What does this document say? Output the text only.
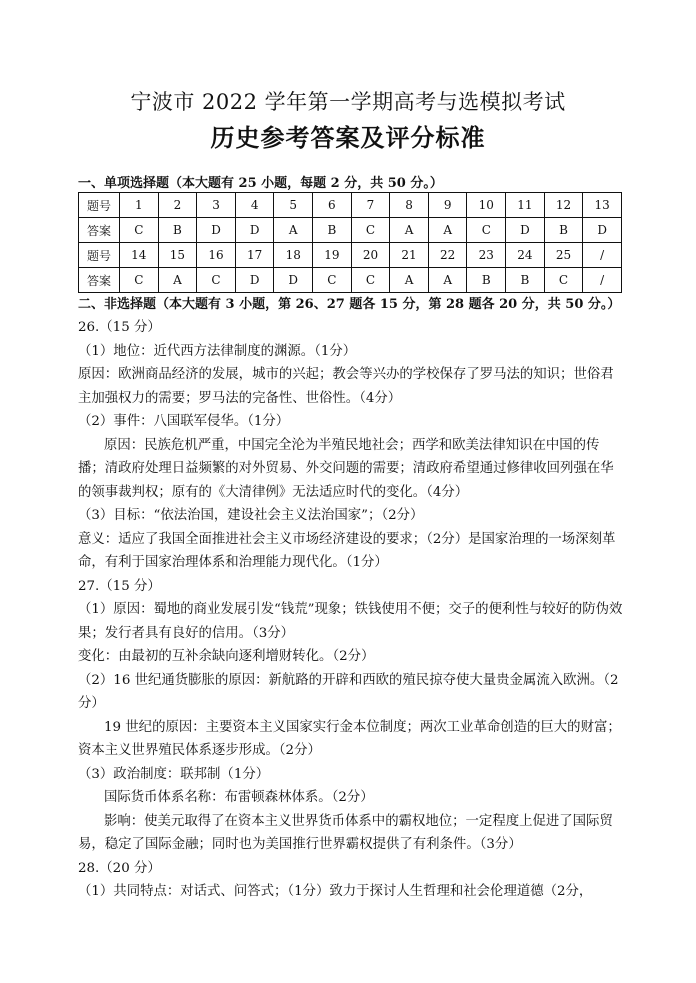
宁波市 2022 学年第一学期高考与选模拟考试
历史参考答案及评分标准
一、单项选择题（本大题有 25 小题，每题 2 分，共 50 分。）
题号	1	2	3	4	5	6	7	8	9	10	11	12	13
答案	C	B	D	D	A	B	C	A	A	C	D	B	D
题号	14	15	16	17	18	19	20	21	22	23	24	25	/
答案	C	A	C	D	D	C	C	A	A	B	B	C	/
二、非选择题（本大题有 3 小题，第 26、27 题各 15 分，第 28 题各 20 分，共 50 分。）

26.（15 分）

（1）地位：近代西方法律制度的渊源。（1分）

原因：欧洲商品经济的发展，城市的兴起；教会等兴办的学校保存了罗马法的知识；世俗君主加强权力的需要；罗马法的完备性、世俗性。（4分）

（2）事件：八国联军侵华。（1分）

原因：民族危机严重，中国完全沦为半殖民地社会；西学和欧美法律知识在中国的传播；清政府处理日益频繁的对外贸易、外交问题的需要；清政府希望通过修律收回列强在华的领事裁判权；原有的《大清律例》无法适应时代的变化。（4分）

（3）目标：“依法治国，建设社会主义法治国家”；（2分）

意义：适应了我国全面推进社会主义市场经济建设的要求；（2分）是国家治理的一场深刻革命，有利于国家治理体系和治理能力现代化。（1分）

27.（15 分）

（1）原因：蜀地的商业发展引发“钱荒”现象；铁钱使用不便；交子的便利性与较好的防伪效果；发行者具有良好的信用。（3分）

变化：由最初的互补余缺向逐利增财转化。（2分）

（2）16 世纪通货膨胀的原因：新航路的开辟和西欧的殖民掠夺使大量贵金属流入欧洲。（2分）

19 世纪的原因：主要资本主义国家实行金本位制度；两次工业革命创造的巨大的财富；资本主义世界殖民体系逐步形成。（2分）

（3）政治制度：联邦制（1分）

国际货币体系名称：布雷顿森林体系。（2分）

影响：使美元取得了在资本主义世界货币体系中的霸权地位；一定程度上促进了国际贸易，稳定了国际金融；同时也为美国推行世界霸权提供了有利条件。（3分）

28.（20 分）

（1）共同特点：对话式、问答式；（1分）致力于探讨人生哲理和社会伦理道德（2分，
